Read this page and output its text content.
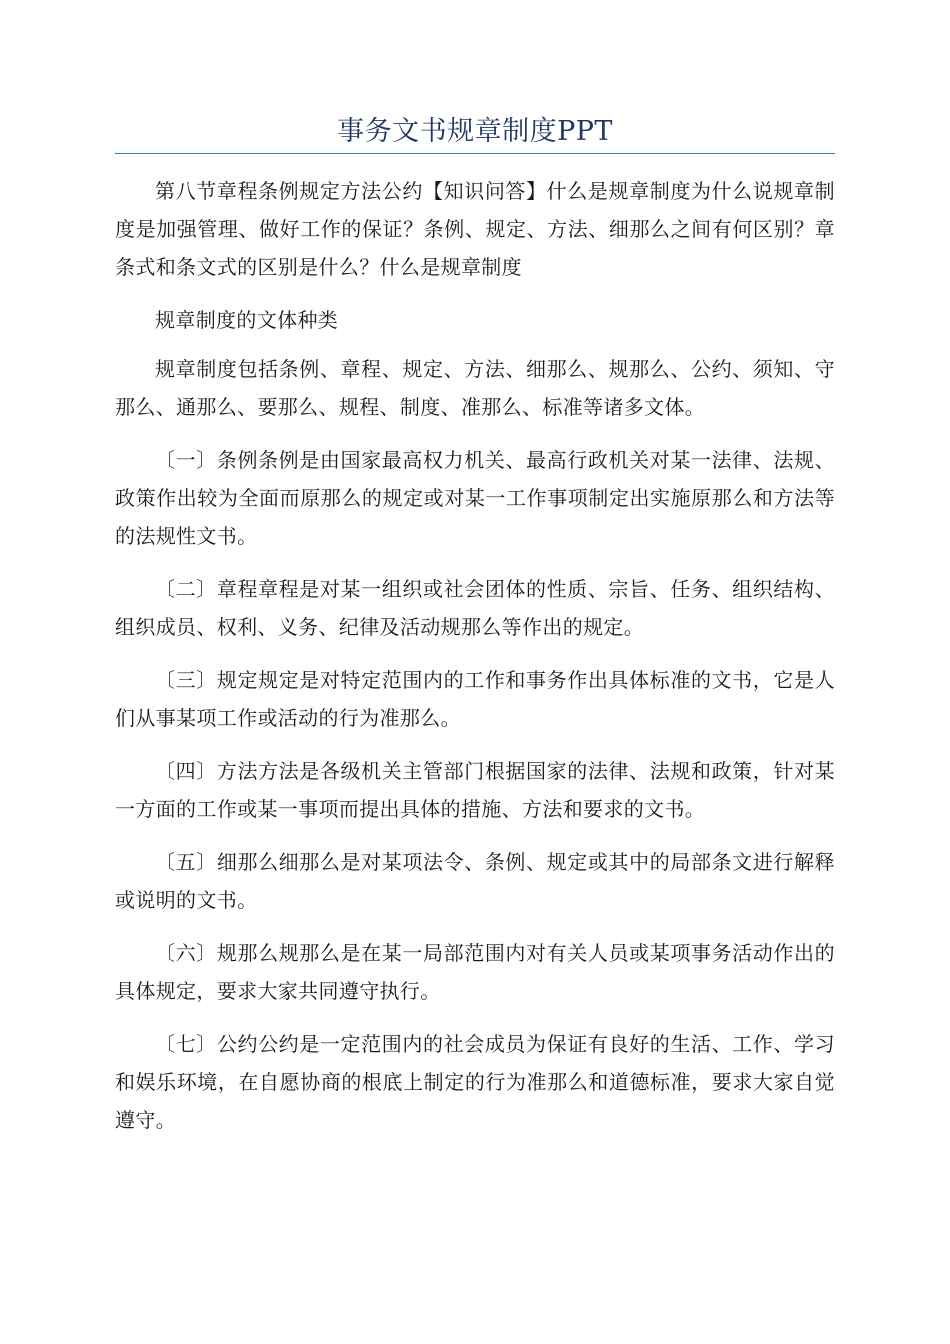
事务文书规章制度PPT

第八节章程条例规定方法公约【知识问答】什么是规章制度为什么说规章制度是加强管理、做好工作的保证？条例、规定、方法、细那么之间有何区别？章条式和条文式的区别是什么？什么是规章制度

规章制度的文体种类

规章制度包括条例、章程、规定、方法、细那么、规那么、公约、须知、守那么、通那么、要那么、规程、制度、准那么、标准等诸多文体。

〔一〕条例条例是由国家最高权力机关、最高行政机关对某一法律、法规、政策作出较为全面而原那么的规定或对某一工作事项制定出实施原那么和方法等的法规性文书。

〔二〕章程章程是对某一组织或社会团体的性质、宗旨、任务、组织结构、组织成员、权利、义务、纪律及活动规那么等作出的规定。

〔三〕规定规定是对特定范围内的工作和事务作出具体标准的文书，它是人们从事某项工作或活动的行为准那么。

〔四〕方法方法是各级机关主管部门根据国家的法律、法规和政策，针对某一方面的工作或某一事项而提出具体的措施、方法和要求的文书。

〔五〕细那么细那么是对某项法令、条例、规定或其中的局部条文进行解释或说明的文书。

〔六〕规那么规那么是在某一局部范围内对有关人员或某项事务活动作出的具体规定，要求大家共同遵守执行。

〔七〕公约公约是一定范围内的社会成员为保证有良好的生活、工作、学习和娱乐环境，在自愿协商的根底上制定的行为准那么和道德标准，要求大家自觉遵守。
